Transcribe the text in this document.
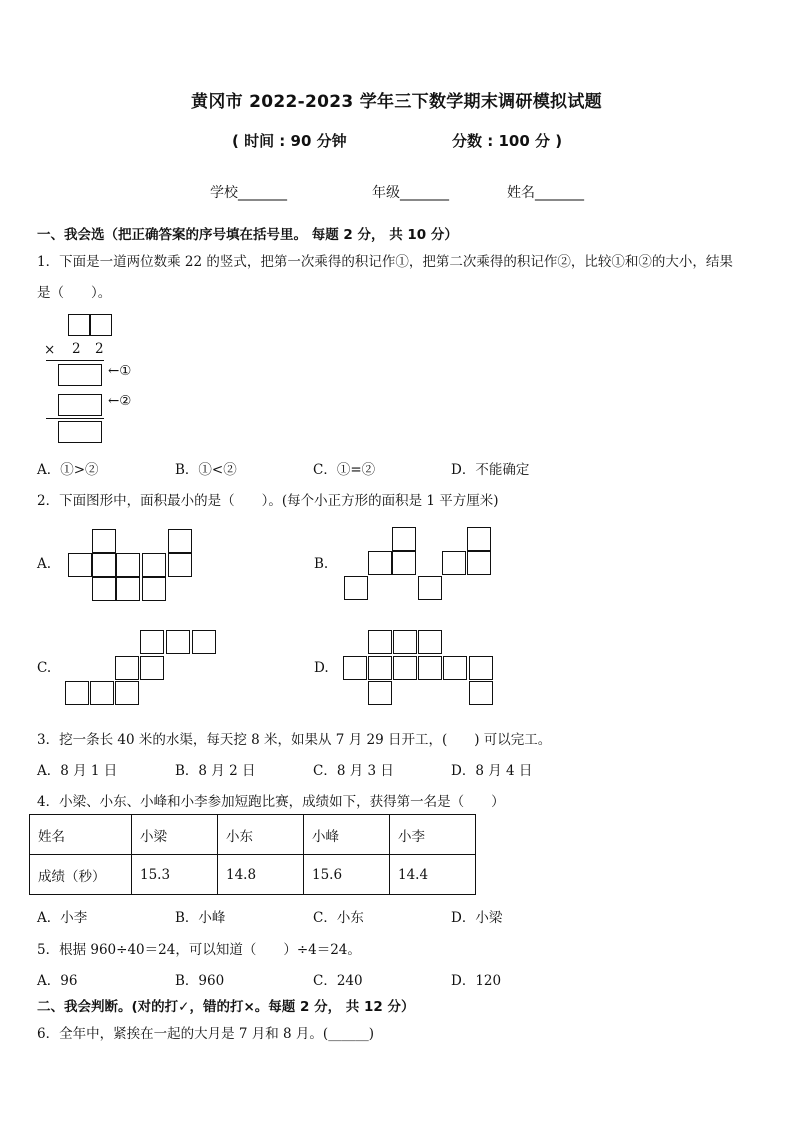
黄冈市 2022-2023 学年三下数学期末调研模拟试题
( 时间 : 90 分钟	分数 : 100 分 )
学校_______	年级_______	姓名_______
一、我会选（把正确答案的序号填在括号里。 每题 2 分， 共 10 分）
1．下面是一道两位数乘 22 的竖式，把第一次乘得的积记作①，把第二次乘得的积记作②，比较①和②的大小，结果
是（　　）。
× 2 2
←①
←②
A．①>②	B．①<②	C．①=②	D．不能确定
2．下面图形中，面积最小的是（　　）。(每个小正方形的面积是 1 平方厘米)
A.	B.
C.	D.
3．挖一条长 40 米的水渠，每天挖 8 米，如果从 7 月 29 日开工，(　　) 可以完工。
A．8 月 1 日	B．8 月 2 日	C．8 月 3 日	D．8 月 4 日
4．小梁、小东、小峰和小李参加短跑比赛，成绩如下，获得第一名是（　　）
姓名	小梁	小东	小峰	小李
成绩（秒）	15.3	14.8	15.6	14.4
A．小李	B．小峰	C．小东	D．小梁
5．根据 960÷40＝24，可以知道（　　）÷4＝24。
A．96	B．960	C．240	D．120
二、我会判断。(对的打✓，错的打×。每题 2 分， 共 12 分）
6．全年中，紧挨在一起的大月是 7 月和 8 月。(______)
